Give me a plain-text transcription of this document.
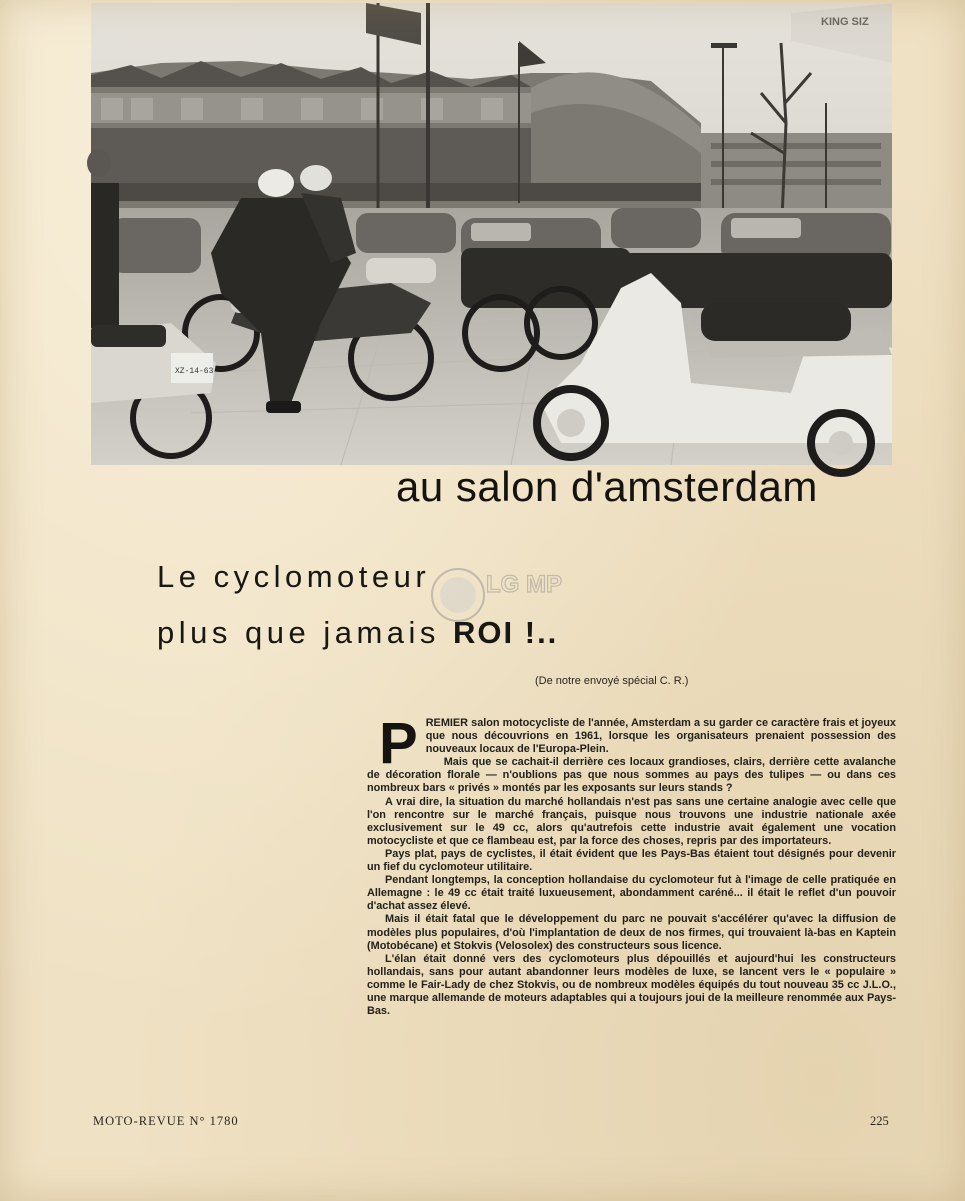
KING SIZ
XZ-14-63
au salon d'amsterdam
Le cyclomoteur
plus que jamais ROI !..
LG MP
(De notre envoyé spécial C. R.)
P REMIER salon motocycliste de l'année, Amsterdam a su garder ce caractère frais et joyeux que nous découvrions en 1961, lorsque les organisateurs prenaient possession des nouveaux locaux de l'Europa-Plein.

Mais que se cachait-il derrière ces locaux grandioses, clairs, derrière cette avalanche de décoration florale — n'oublions pas que nous sommes au pays des tulipes — ou dans ces nombreux bars « privés » montés par les exposants sur leurs stands ?

A vrai dire, la situation du marché hollandais n'est pas sans une certaine analogie avec celle que l'on rencontre sur le marché français, puisque nous trouvons une industrie nationale axée exclusivement sur le 49 cc, alors qu'autrefois cette industrie avait également une vocation motocycliste et que ce flambeau est, par la force des choses, repris par des importateurs.

Pays plat, pays de cyclistes, il était évident que les Pays-Bas étaient tout désignés pour devenir un fief du cyclomoteur utilitaire.

Pendant longtemps, la conception hollandaise du cyclomoteur fut à l'image de celle pratiquée en Allemagne : le 49 cc était traité luxueusement, abondamment caréné... il était le reflet d'un pouvoir d'achat assez élevé.

Mais il était fatal que le développement du parc ne pouvait s'accélérer qu'avec la diffusion de modèles plus populaires, d'où l'implantation de deux de nos firmes, qui trouvaient là-bas en Kaptein (Motobécane) et Stokvis (Velosolex) des constructeurs sous licence.

L'élan était donné vers des cyclomoteurs plus dépouillés et aujourd'hui les constructeurs hollandais, sans pour autant abandonner leurs modèles de luxe, se lancent vers le « populaire » comme le Fair-Lady de chez Stokvis, ou de nombreux modèles équipés du tout nouveau 35 cc J.L.O., une marque allemande de moteurs adaptables qui a toujours joui de la meilleure renommée aux Pays-Bas.

MOTO-REVUE N° 1780	225
